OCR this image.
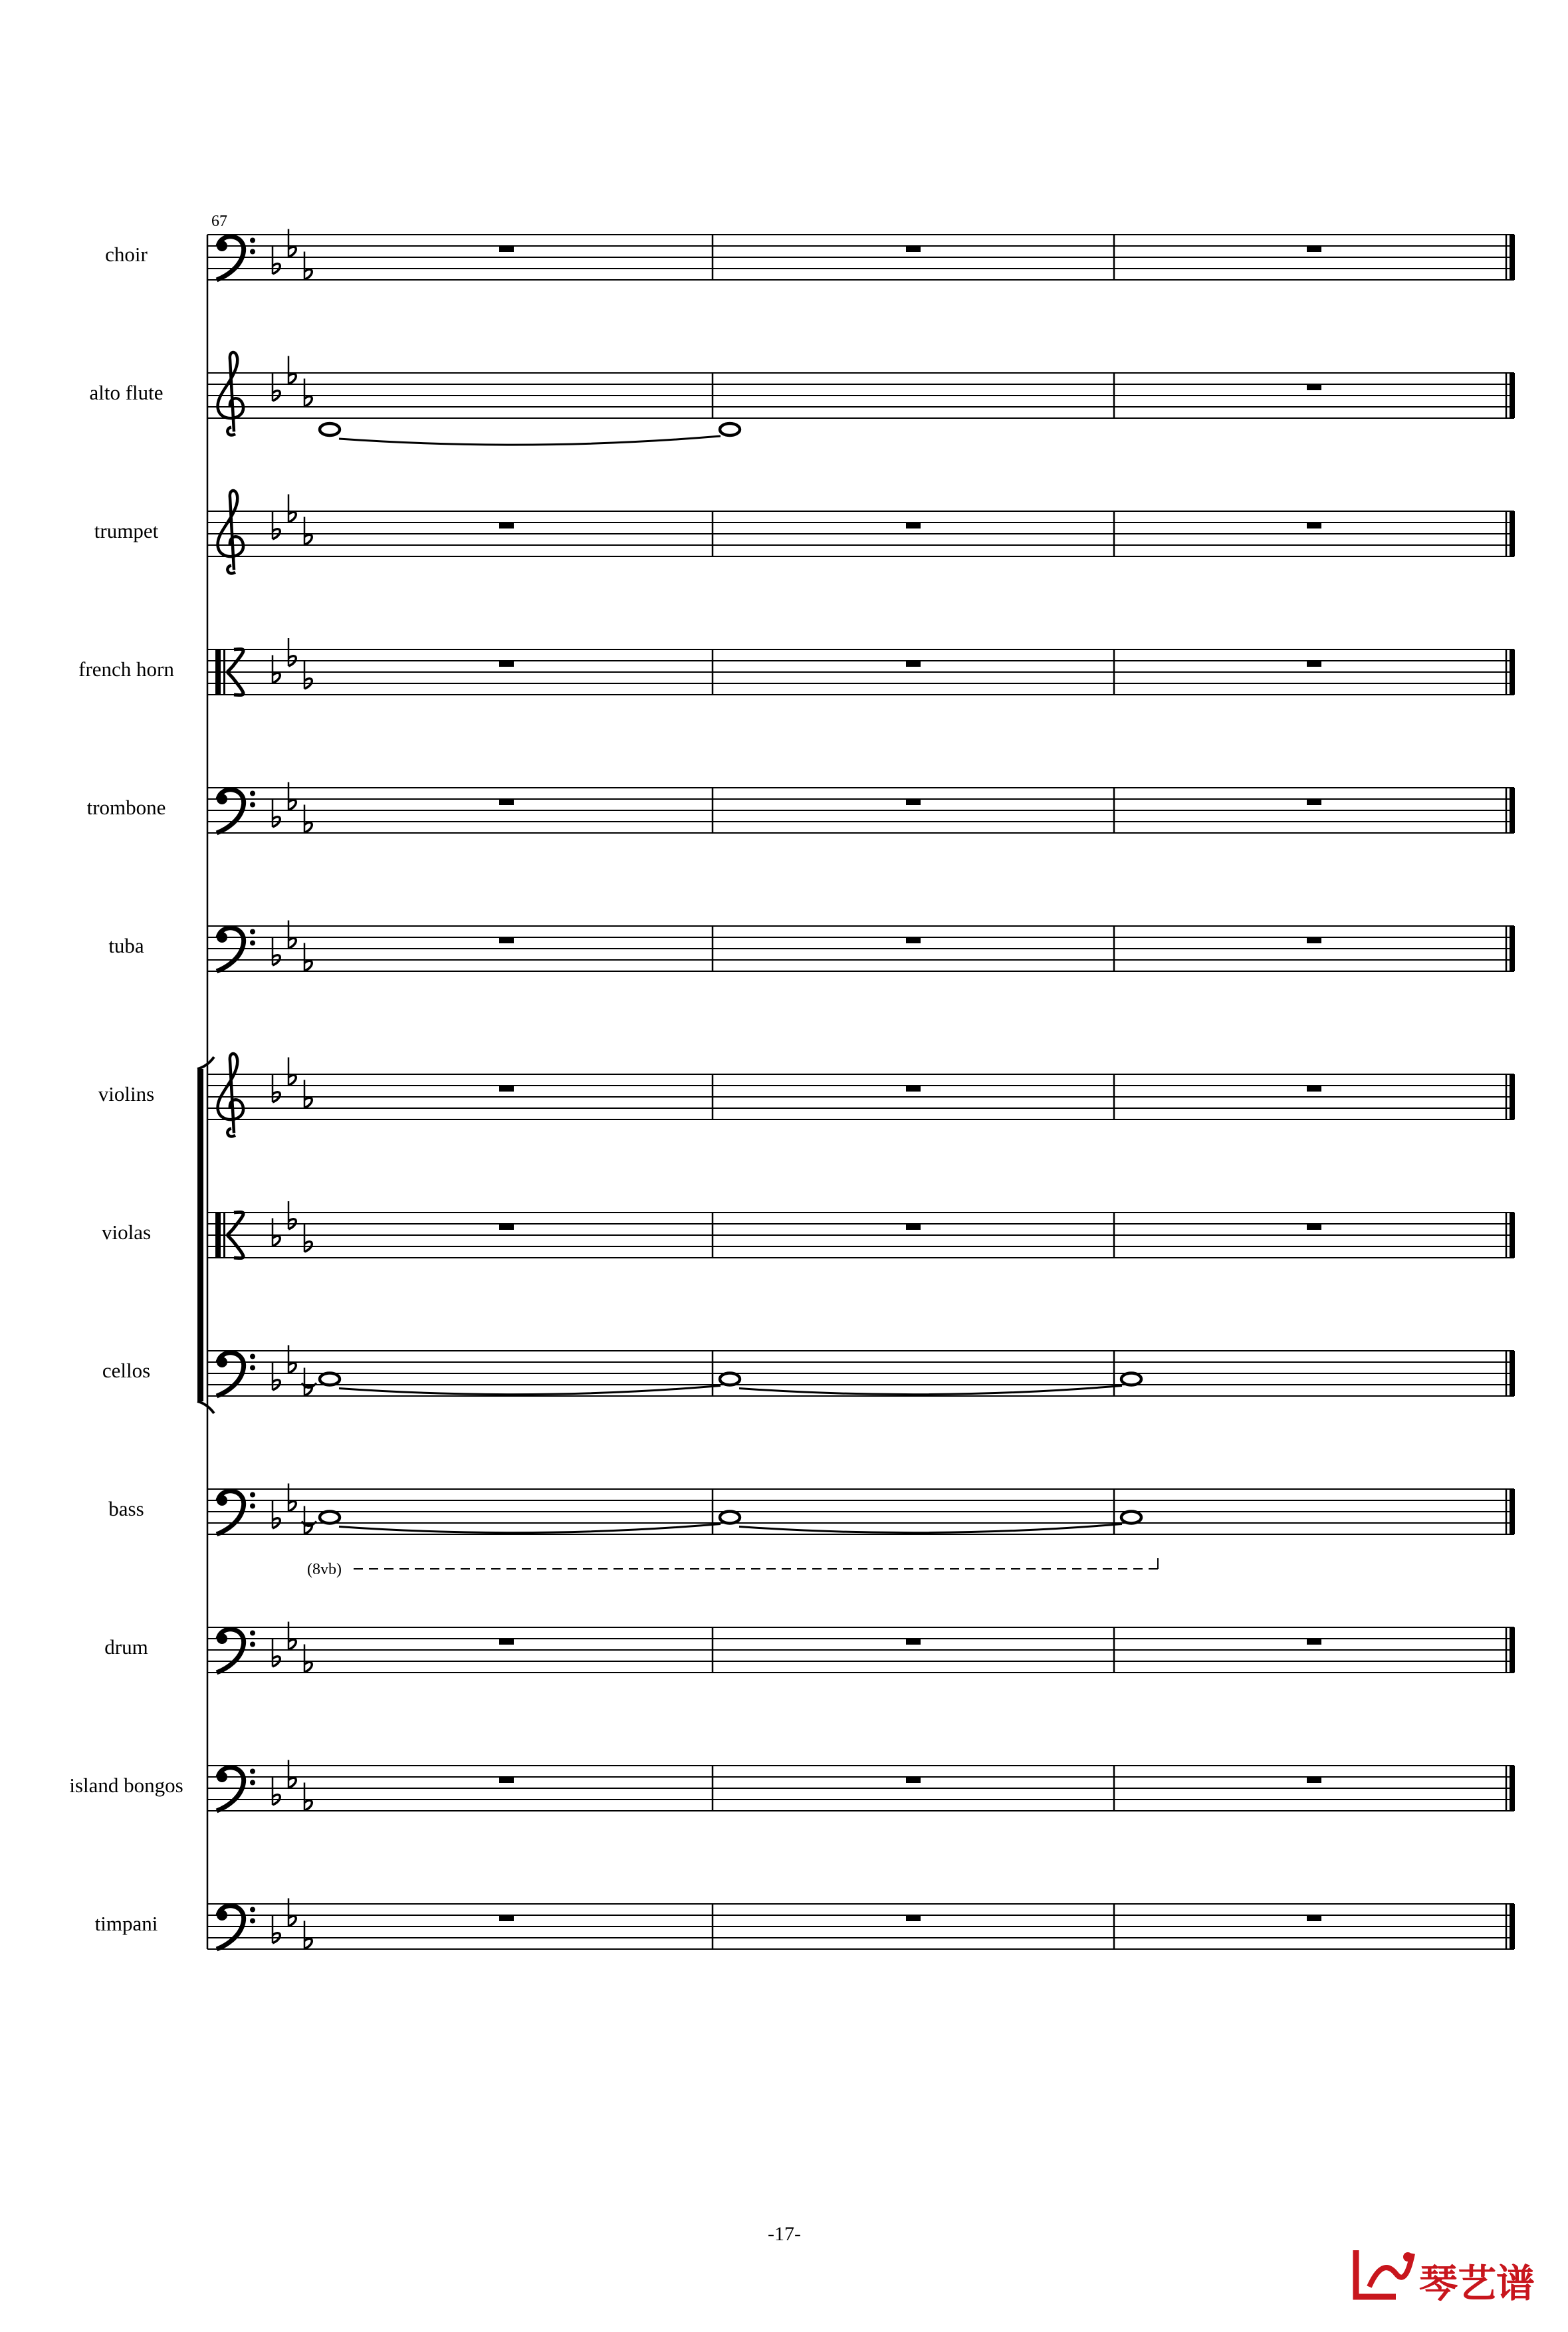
67
choir
alto flute
trumpet
french horn
trombone
tuba
violins
violas
cellos
bass
drum
island bongos
timpani
(8vb)
-17-
琴艺谱
